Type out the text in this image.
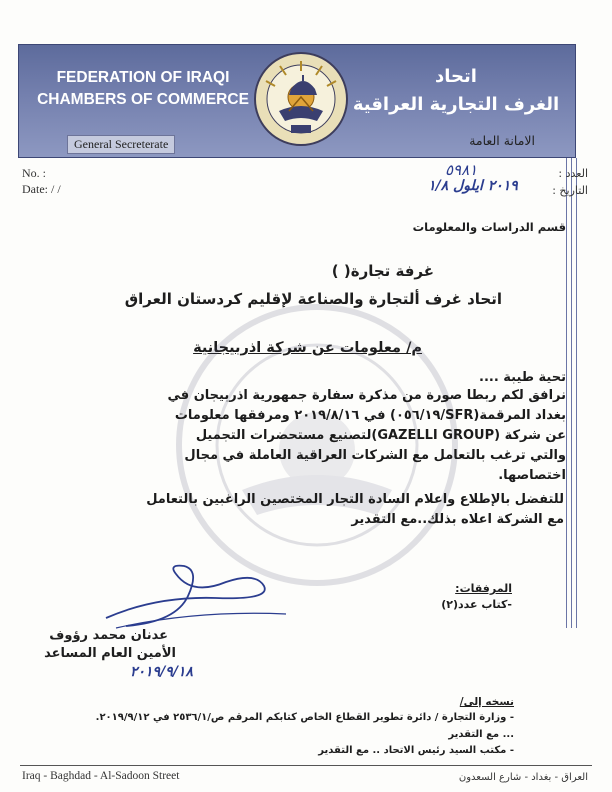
FEDERATION OF IRAQI
CHAMBERS OF COMMERCE
اتحاد
الغرف التجارية العراقية
General Secreterate	الامانة العامة
No. :
Date: / /
العدد :
التاريخ :
٥٩٨١
٢٠١٩ ايلول ١/٨
قسم الدراسات والمعلومات
غرفة تجارة( )
اتحاد غرف ألتجارة والصناعة لإقليم كردستان العراق
م/ معلومات عن شركة اذربيجانية
تحية طيبة ....
نرافق لكم ربطا صورة من مذكرة سفارة جمهورية اذربيجان في
بغداد المرقمة(SFR/٠٥٦/١٩) في ٢٠١٩/٨/١٦ ومرفقها معلومات
عن شركة (GAZELLI GROUP)لتصنيع مستحضرات التجميل
والتي ترغب بالتعامل مع الشركات العراقية العاملة في مجال
اختصاصها.
للتفضل بالإطلاع واعلام السادة التجار المختصين الراغبين بالتعامل
مع الشركة اعلاه بذلك..مع التقدير
المرفقات:
-كتاب عدد(٢)
عدنان محمد رؤوف
الأمين العام المساعد
٢٠١٩/٩/١٨
نسخه إلى/
- وزارة التجارة / دائرة تطوير القطاع الخاص كتابكم المرقم ص/٢٥٣٦/١ في ٢٠١٩/٩/١٢.
... مع التقدير
- مكتب السيد رئيس الاتحاد .. مع التقدير
Iraq - Baghdad - Al-Sadoon Street	العراق - بغداد - شارع السعدون
